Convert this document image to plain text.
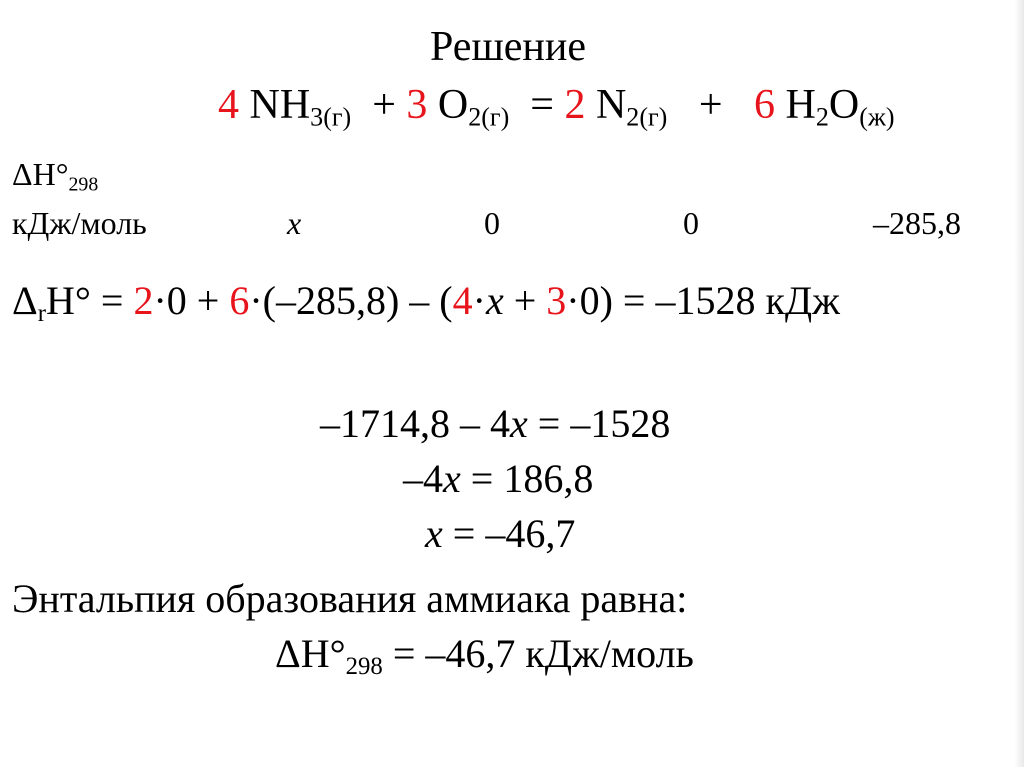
Решение
4 $NH_{3(г)} + 3$ $O_{2(г)} = 2$ $N_{2(г)} + 6$ $H_2O_{(ж)}$
$\Delta H^\circ_{298}$
кДж/моль	x	0	0	–285,8
$\Delta_rH^\circ = 2\cdot 0 + 6\cdot(-285,8) - (4\cdot x + 3\cdot 0) = -1528$ кДж
–1714,8 – 4x = –1528
–4x = 186,8
x = –46,7
Энтальпия образования аммиака равна:
$\Delta H^\circ_{298} = -46,7$ кДж/моль
